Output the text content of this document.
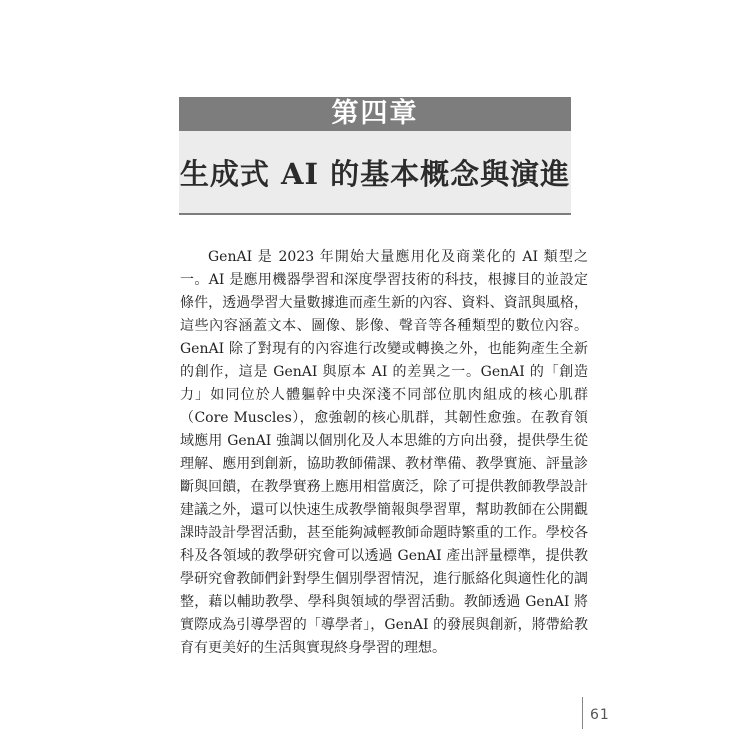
第四章
生成式 AI 的基本概念與演進

GenAI 是 2023 年開始大量應用化及商業化的 AI 類型之一。AI 是應用機器學習和深度學習技術的科技，根據目的並設定條件，透過學習大量數據進而產生新的內容、資料、資訊與風格，這些內容涵蓋文本、圖像、影像、聲音等各種類型的數位內容。GenAI 除了對現有的內容進行改變或轉換之外，也能夠產生全新的創作，這是 GenAI 與原本 AI 的差異之一。GenAI 的「創造力」如同位於人體軀幹中央深淺不同部位肌肉組成的核心肌群（Core Muscles），愈強韌的核心肌群，其韌性愈強。在教育領域應用 GenAI 強調以個別化及人本思維的方向出發，提供學生從理解、應用到創新，協助教師備課、教材準備、教學實施、評量診斷與回饋，在教學實務上應用相當廣泛，除了可提供教師教學設計建議之外，還可以快速生成教學簡報與學習單，幫助教師在公開觀課時設計學習活動，甚至能夠減輕教師命題時繁重的工作。學校各科及各領域的教學研究會可以透過 GenAI 產出評量標準，提供教學研究會教師們針對學生個別學習情況，進行脈絡化與適性化的調整，藉以輔助教學、學科與領域的學習活動。教師透過 GenAI 將實際成為引導學習的「導學者」，GenAI 的發展與創新，將帶給教育有更美好的生活與實現終身學習的理想。

61
